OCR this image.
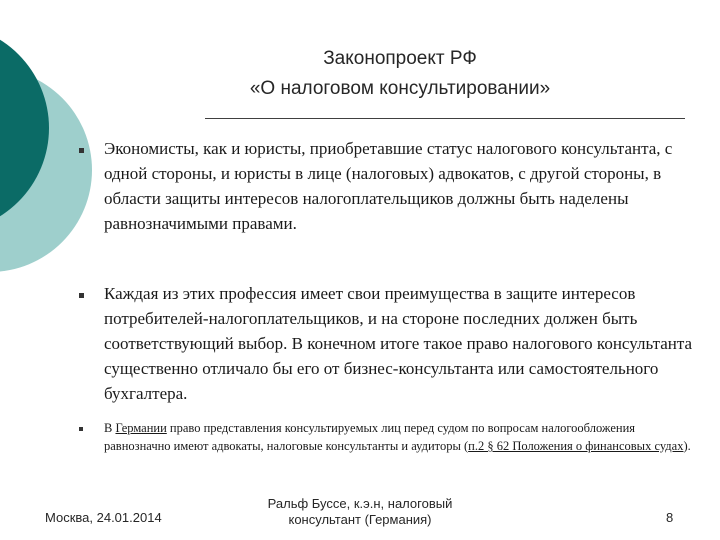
Законопроект РФ
«О налоговом консультировании»
Экономисты, как и юристы, приобретавшие статус налогового консультанта, с одной стороны, и юристы в лице (налоговых) адвокатов, с другой стороны, в области защиты интересов налогоплательщиков должны быть наделены равнозначимыми правами.
Каждая из этих профессия имеет свои преимущества в защите интересов потребителей-налогоплательщиков, и на стороне последних должен быть соответствующий выбор. В конечном итоге такое право налогового консультанта существенно отличало бы его от бизнес-консультанта или самостоятельного бухгалтера.
В Германии право представления консультируемых лиц перед судом по вопросам налогообложения равнозначно имеют адвокаты, налоговые консультанты и аудиторы (п.2 § 62 Положения о финансовых судах).
Москва, 24.01.2014
Ральф Буссе, к.э.н, налоговый
консультант (Германия)	8
